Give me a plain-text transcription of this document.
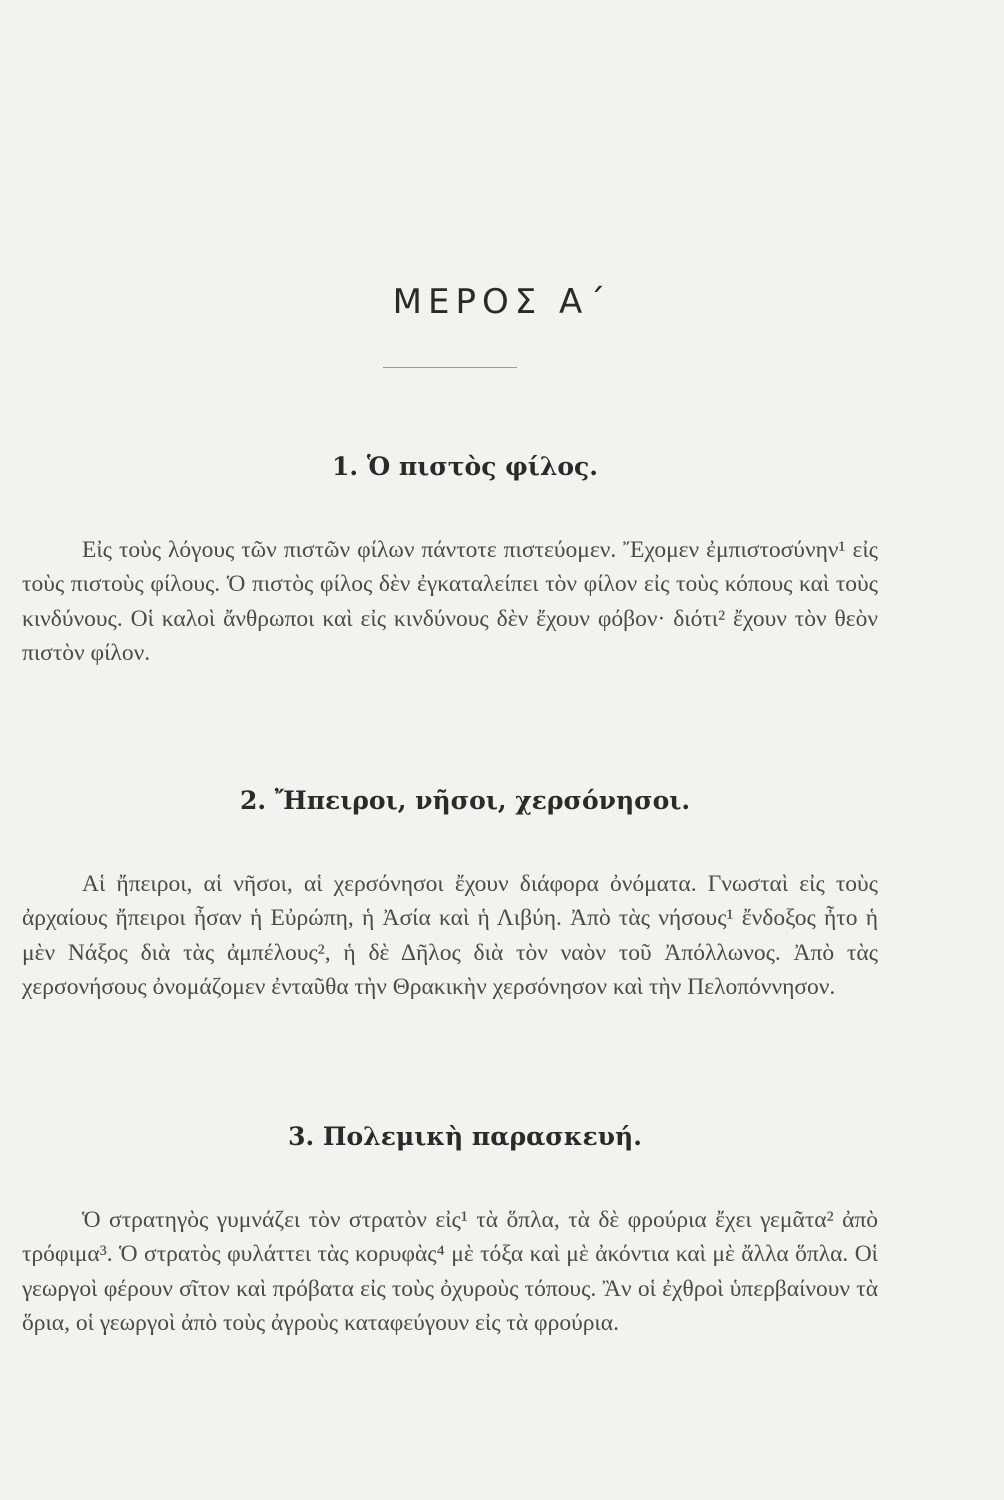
ΜΕΡΟΣ Α΄
1. Ὁ πιστὸς φίλος.

Εἰς τοὺς λόγους τῶν πιστῶν φίλων πάντοτε πιστεύομεν. Ἔχομεν ἐμπιστοσύνην¹ εἰς τοὺς πιστοὺς φίλους. Ὁ πιστὸς φίλος δὲν ἐγκαταλείπει τὸν φίλον εἰς τοὺς κόπους καὶ τοὺς κινδύνους. Οἱ καλοὶ ἄνθρωποι καὶ εἰς κινδύνους δὲν ἔχουν φόβον· διότι² ἔχουν τὸν θεὸν πιστὸν φίλον.

2. Ἤπειροι, νῆσοι, χερσόνησοι.

Αἱ ἤπειροι, αἱ νῆσοι, αἱ χερσόνησοι ἔχουν διάφορα ὀνόματα. Γνωσταὶ εἰς τοὺς ἀρχαίους ἤπειροι ἦσαν ἡ Εὐρώπη, ἡ Ἀσία καὶ ἡ Λιβύη. Ἀπὸ τὰς νήσους¹ ἔνδοξος ἦτο ἡ μὲν Νάξος διὰ τὰς ἀμπέλους², ἡ δὲ Δῆλος διὰ τὸν ναὸν τοῦ Ἀπόλλωνος. Ἀπὸ τὰς χερσονήσους ὀνομάζομεν ἐνταῦθα τὴν Θρακικὴν χερσόνησον καὶ τὴν Πελοπόννησον.

3. Πολεμικὴ παρασκευή.

Ὁ στρατηγὸς γυμνάζει τὸν στρατὸν εἰς¹ τὰ ὅπλα, τὰ δὲ φρούρια ἔχει γεμᾶτα² ἀπὸ τρόφιμα³. Ὁ στρατὸς φυλάττει τὰς κορυφὰς⁴ μὲ τόξα καὶ μὲ ἀκόντια καὶ μὲ ἄλλα ὅπλα. Οἱ γεωργοὶ φέρουν σῖτον καὶ πρόβατα εἰς τοὺς ὀχυροὺς τόπους. Ἂν οἱ ἐχθροὶ ὑπερβαίνουν τὰ ὅρια, οἱ γεωργοὶ ἀπὸ τοὺς ἀγροὺς καταφεύγουν εἰς τὰ φρούρια.
